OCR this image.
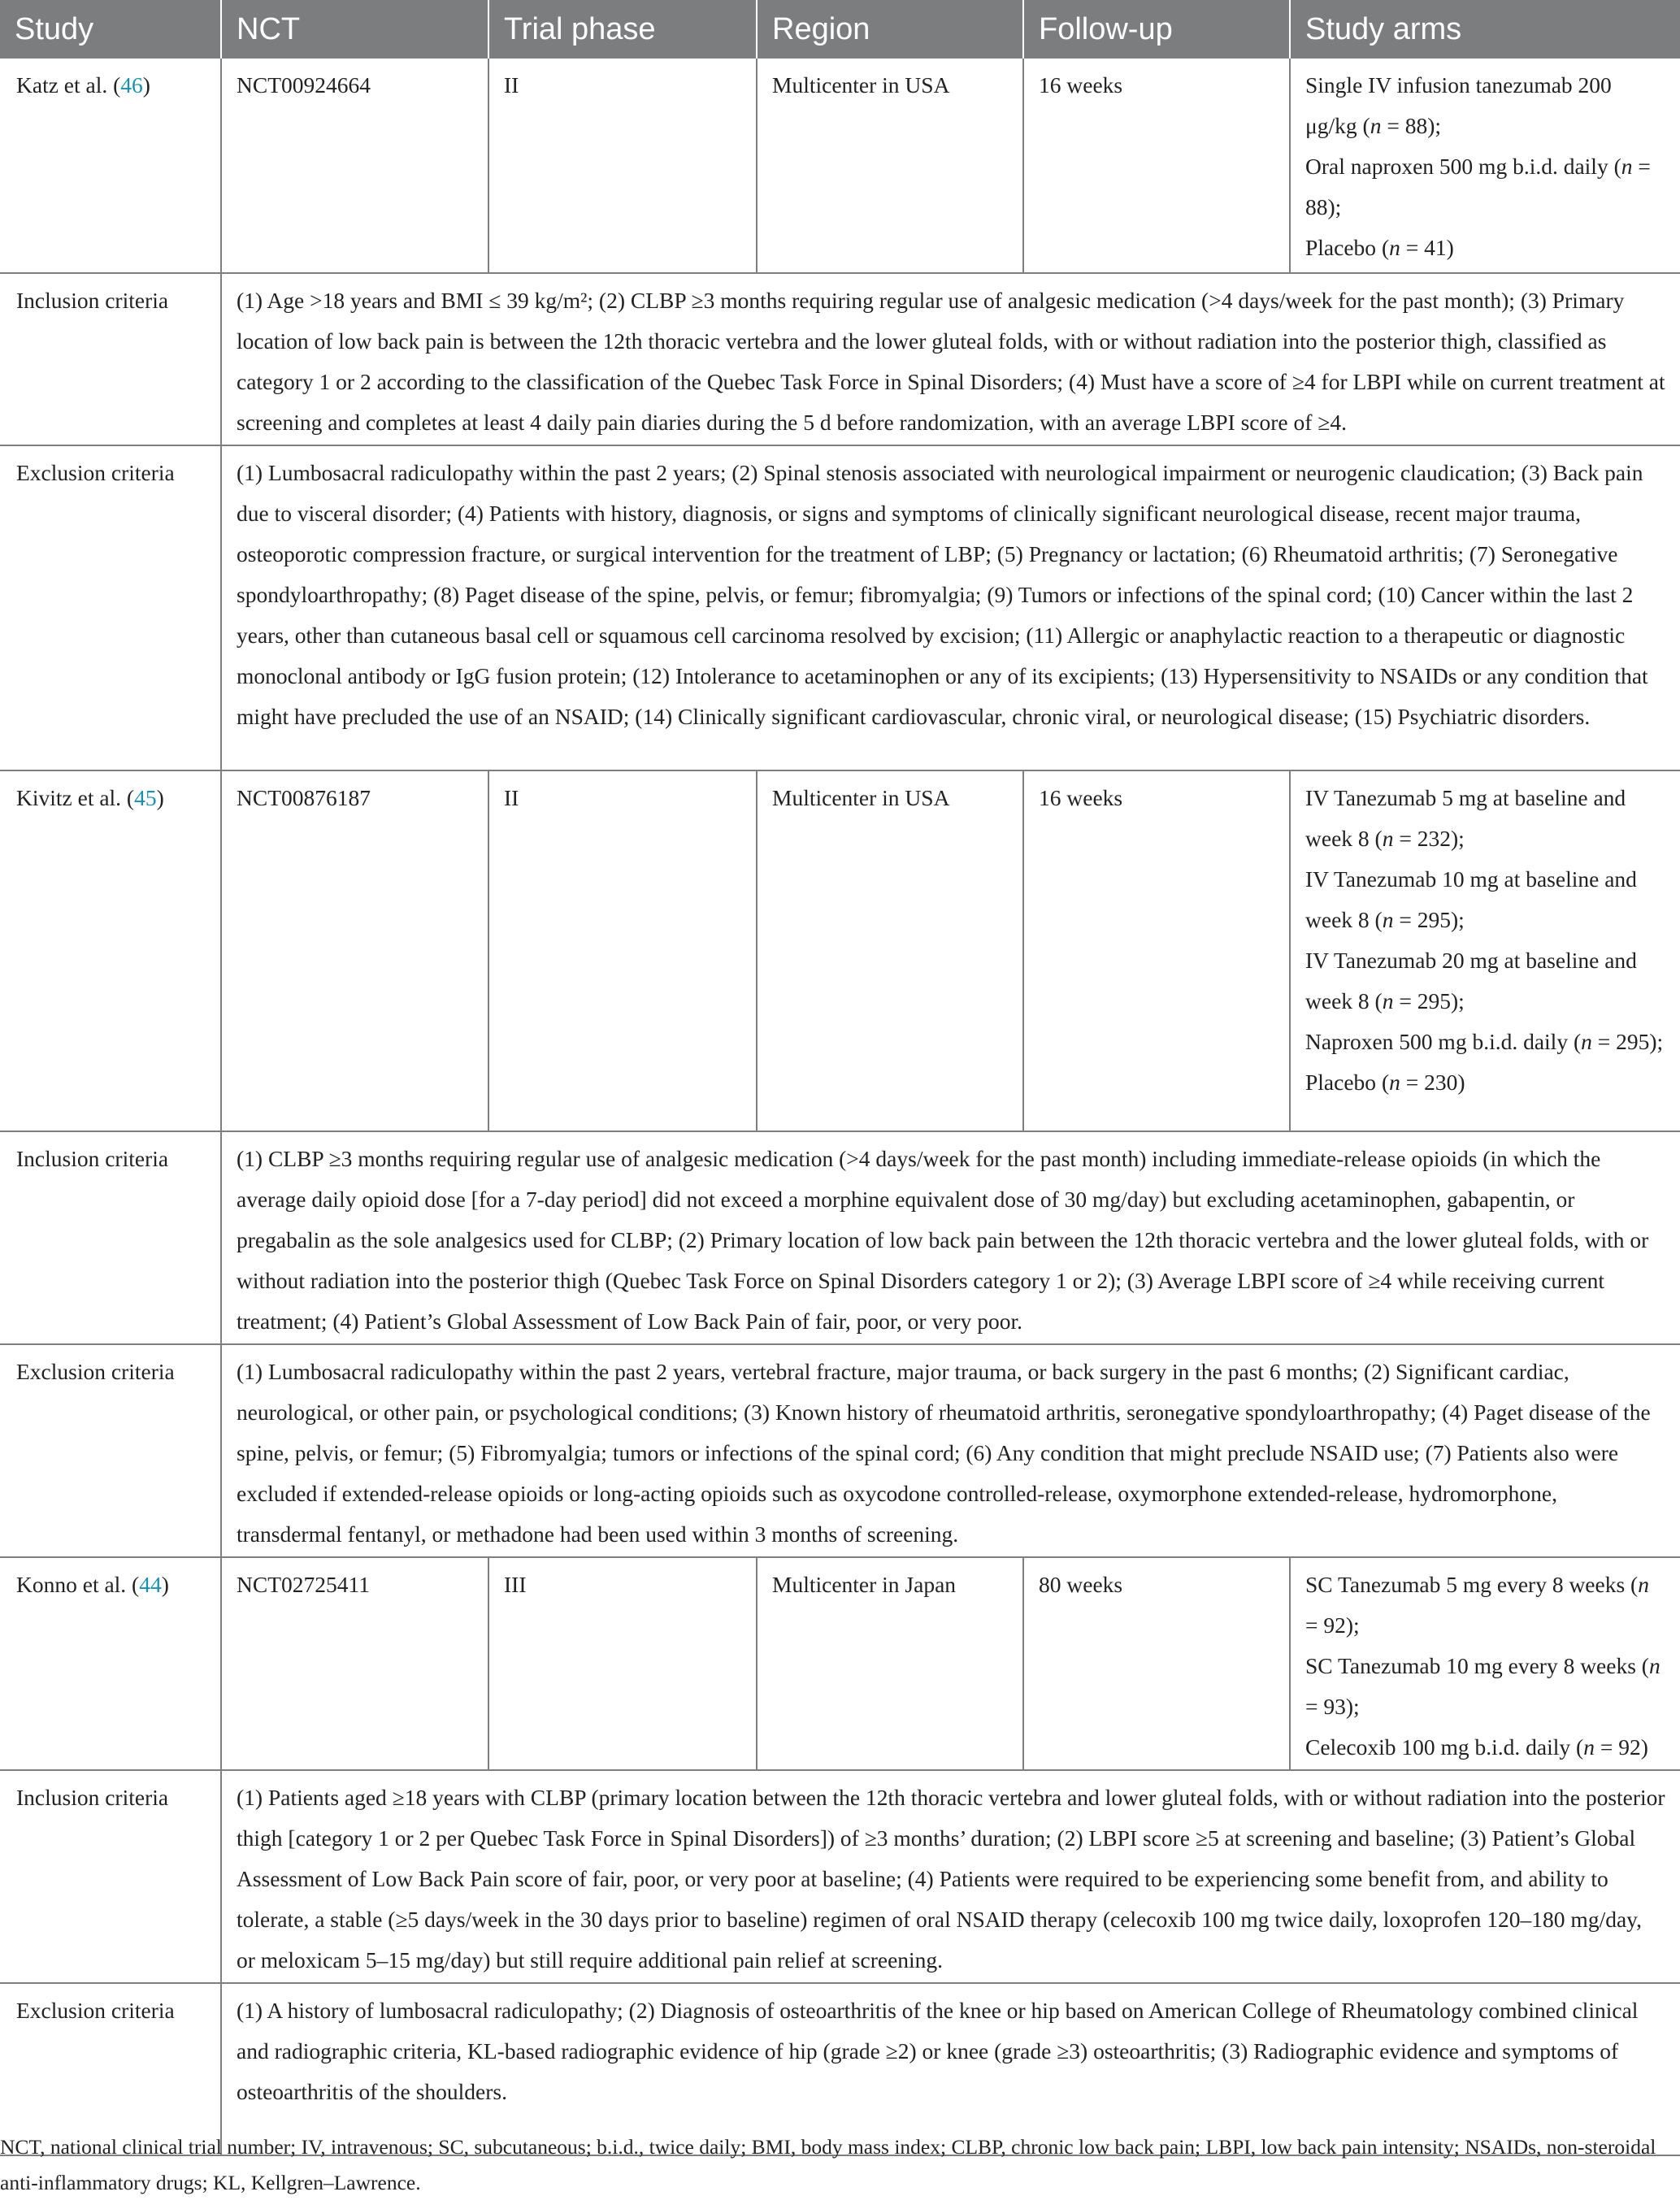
Study	NCT	Trial phase	Region	Follow-up	Study arms
Katz et al. (46)	NCT00924664	II	Multicenter in USA	16 weeks	Single IV infusion tanezumab 200 μg/kg (n = 88);
Oral naproxen 500 mg b.i.d. daily (n = 88);
Placebo (n = 41)

Inclusion criteria	(1) Age >18 years and BMI ≤ 39 kg/m²; (2) CLBP ≥3 months requiring regular use of analgesic medication (>4 days/week for the past month); (3) Primary location of low back pain is between the 12th thoracic vertebra and the lower gluteal folds, with or without radiation into the posterior thigh, classified as category 1 or 2 according to the classification of the Quebec Task Force in Spinal Disorders; (4) Must have a score of ≥4 for LBPI while on current treatment at screening and completes at least 4 daily pain diaries during the 5 d before randomization, with an average LBPI score of ≥4.				
Exclusion criteria	(1) Lumbosacral radiculopathy within the past 2 years; (2) Spinal stenosis associated with neurological impairment or neurogenic claudication; (3) Back pain due to visceral disorder; (4) Patients with history, diagnosis, or signs and symptoms of clinically significant neurological disease, recent major trauma, osteoporotic compression fracture, or surgical intervention for the treatment of LBP; (5) Pregnancy or lactation; (6) Rheumatoid arthritis; (7) Seronegative spondyloarthropathy; (8) Paget disease of the spine, pelvis, or femur; fibromyalgia; (9) Tumors or infections of the spinal cord; (10) Cancer within the last 2 years, other than cutaneous basal cell or squamous cell carcinoma resolved by excision; (11) Allergic or anaphylactic reaction to a therapeutic or diagnostic monoclonal antibody or IgG fusion protein; (12) Intolerance to acetaminophen or any of its excipients; (13) Hypersensitivity to NSAIDs or any condition that might have precluded the use of an NSAID; (14) Clinically significant cardiovascular, chronic viral, or neurological disease; (15) Psychiatric disorders.				
Kivitz et al. (45)	NCT00876187	II	Multicenter in USA	16 weeks	IV Tanezumab 5 mg at baseline and week 8 (n = 232);
IV Tanezumab 10 mg at baseline and week 8 (n = 295);
IV Tanezumab 20 mg at baseline and week 8 (n = 295);
Naproxen 500 mg b.i.d. daily (n = 295);
Placebo (n = 230)

Inclusion criteria	(1) CLBP ≥3 months requiring regular use of analgesic medication (>4 days/week for the past month) including immediate-release opioids (in which the average daily opioid dose [for a 7-day period] did not exceed a morphine equivalent dose of 30 mg/day) but excluding acetaminophen, gabapentin, or pregabalin as the sole analgesics used for CLBP; (2) Primary location of low back pain between the 12th thoracic vertebra and the lower gluteal folds, with or without radiation into the posterior thigh (Quebec Task Force on Spinal Disorders category 1 or 2); (3) Average LBPI score of ≥4 while receiving current treatment; (4) Patient’s Global Assessment of Low Back Pain of fair, poor, or very poor.				
Exclusion criteria	(1) Lumbosacral radiculopathy within the past 2 years, vertebral fracture, major trauma, or back surgery in the past 6 months; (2) Significant cardiac, neurological, or other pain, or psychological conditions; (3) Known history of rheumatoid arthritis, seronegative spondyloarthropathy; (4) Paget disease of the spine, pelvis, or femur; (5) Fibromyalgia; tumors or infections of the spinal cord; (6) Any condition that might preclude NSAID use; (7) Patients also were excluded if extended-release opioids or long-acting opioids such as oxycodone controlled-release, oxymorphone extended-release, hydromorphone, transdermal fentanyl, or methadone had been used within 3 months of screening.				
Konno et al. (44)	NCT02725411	III	Multicenter in Japan	80 weeks	SC Tanezumab 5 mg every 8 weeks (n = 92);
SC Tanezumab 10 mg every 8 weeks (n = 93);
Celecoxib 100 mg b.i.d. daily (n = 92)

Inclusion criteria	(1) Patients aged ≥18 years with CLBP (primary location between the 12th thoracic vertebra and lower gluteal folds, with or without radiation into the posterior thigh [category 1 or 2 per Quebec Task Force in Spinal Disorders]) of ≥3 months’ duration; (2) LBPI score ≥5 at screening and baseline; (3) Patient’s Global Assessment of Low Back Pain score of fair, poor, or very poor at baseline; (4) Patients were required to be experiencing some benefit from, and ability to tolerate, a stable (≥5 days/week in the 30 days prior to baseline) regimen of oral NSAID therapy (celecoxib 100 mg twice daily, loxoprofen 120–180 mg/day, or meloxicam 5–15 mg/day) but still require additional pain relief at screening.				
Exclusion criteria	(1) A history of lumbosacral radiculopathy; (2) Diagnosis of osteoarthritis of the knee or hip based on American College of Rheumatology combined clinical and radiographic criteria, KL-based radiographic evidence of hip (grade ≥2) or knee (grade ≥3) osteoarthritis; (3) Radiographic evidence and symptoms of osteoarthritis of the shoulders.				
NCT, national clinical trial number; IV, intravenous; SC, subcutaneous; b.i.d., twice daily; BMI, body mass index; CLBP, chronic low back pain; LBPI, low back pain intensity; NSAIDs, non-steroidal anti-inflammatory drugs; KL, Kellgren–Lawrence.
